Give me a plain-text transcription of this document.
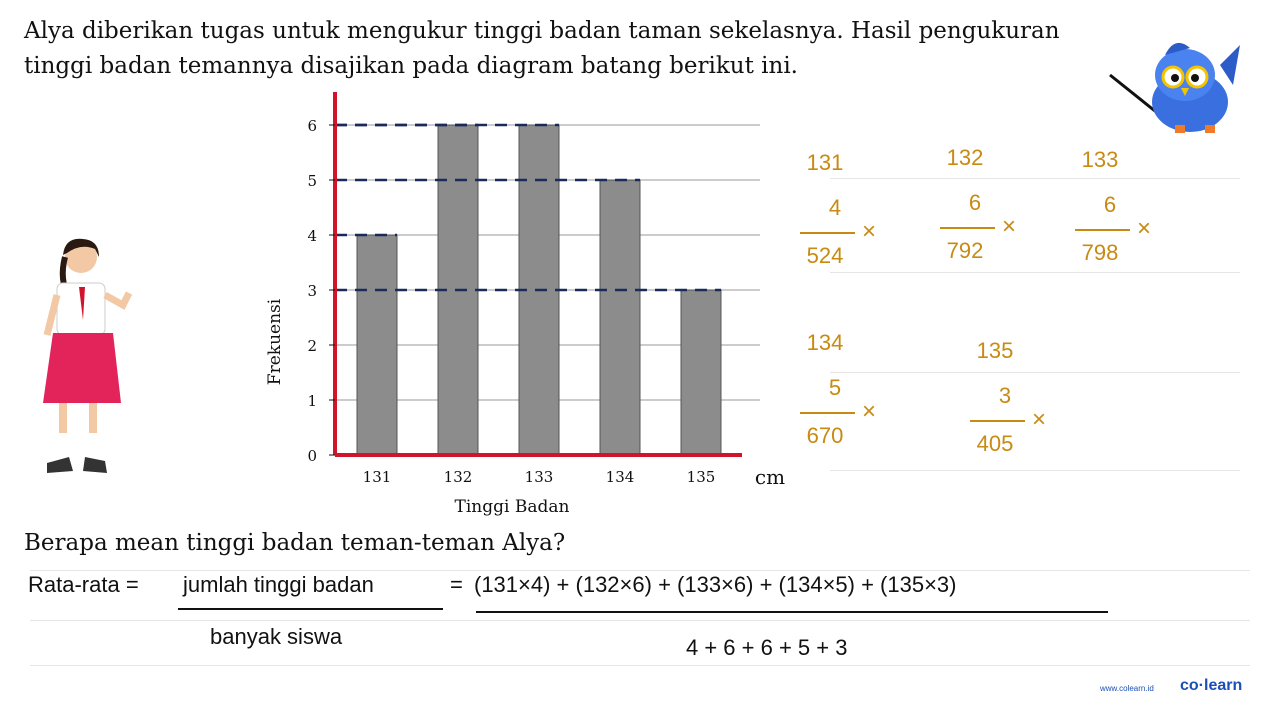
Alya diberikan tugas untuk mengukur tinggi badan taman sekelasnya. Hasil pengukuran
tinggi badan temannya disajikan pada diagram batang berikut ini.
0
1
2
3
4
5
6
131	132	133	134	135
Frekuensi
Tinggi Badan
cm
131
4
524
×
132
6
792
×
133
6
798
×
134
5
670
×
135
3
405
×
Berapa mean tinggi badan teman-teman Alya?
Rata-rata = jumlah tinggi badan
banyak siswa
= (131×4) + (132×6) + (133×6) + (134×5) + (135×3)
4 + 6 + 6 + 5 + 3
www.colearn.id co·learn
